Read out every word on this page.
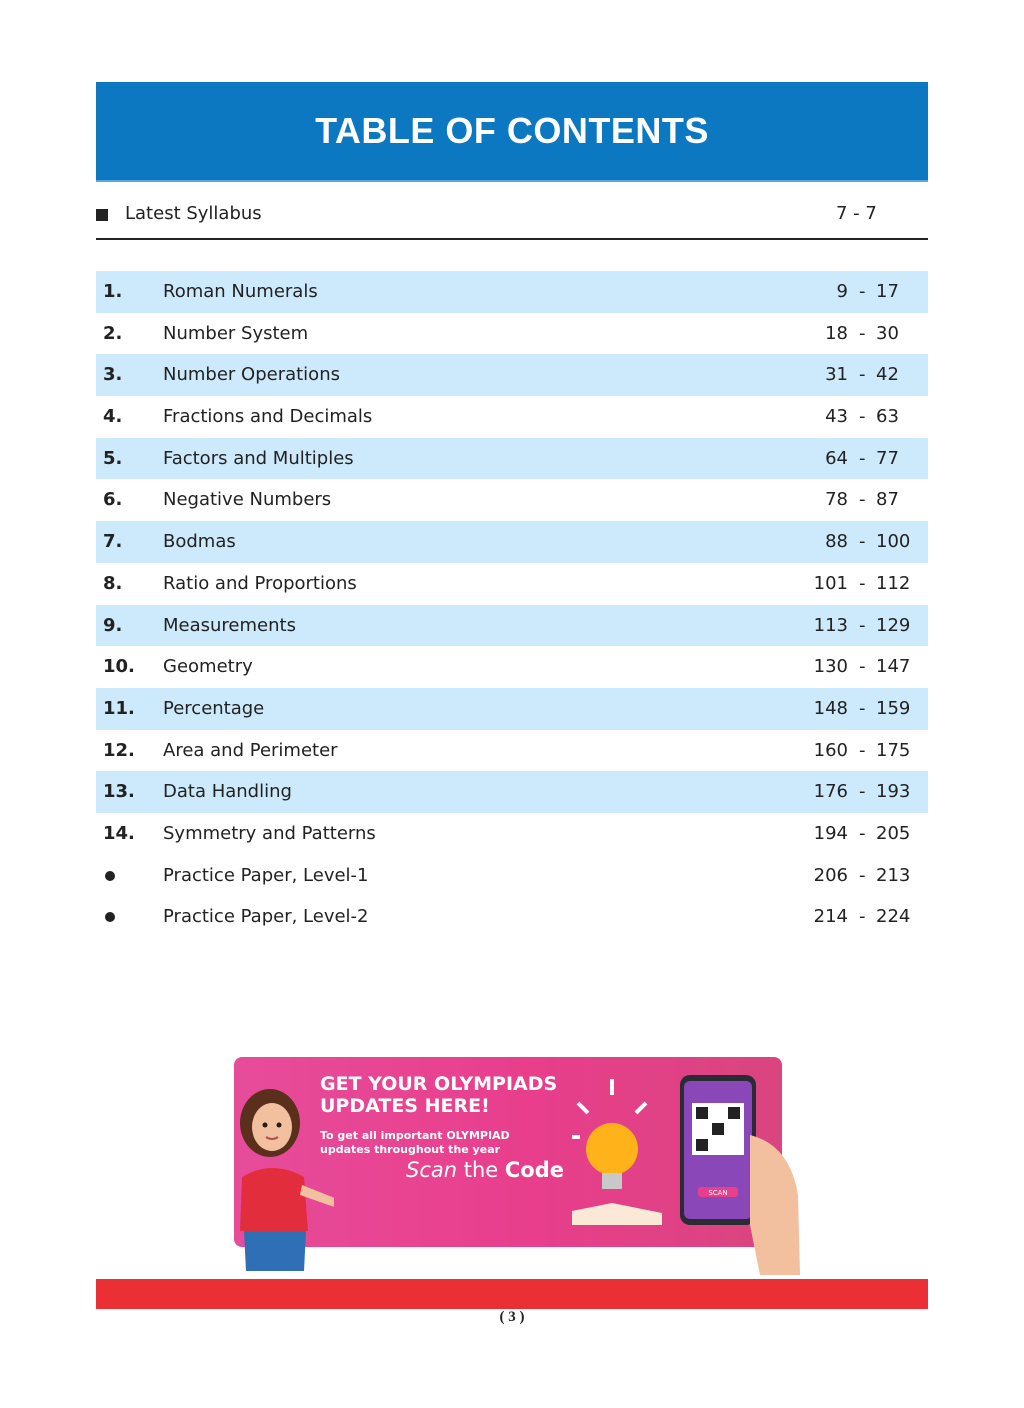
TABLE OF CONTENTS
Latest Syllabus	7 - 7
1. Roman Numerals	9 - 17
2. Number System	18 - 30
3. Number Operations	31 - 42
4. Fractions and Decimals	43 - 63
5. Factors and Multiples	64 - 77
6. Negative Numbers	78 - 87
7. Bodmas	88 - 100
8. Ratio and Proportions	101 - 112
9. Measurements	113 - 129
10. Geometry	130 - 147
11. Percentage	148 - 159
12. Area and Perimeter	160 - 175
13. Data Handling	176 - 193
14. Symmetry and Patterns	194 - 205
Practice Paper, Level-1	206 - 213
Practice Paper, Level-2	214 - 224
GET YOUR OLYMPIADS
UPDATES HERE!
To get all important OLYMPIAD
updates throughout the year
Scan the Code
SCAN
( 3 )
